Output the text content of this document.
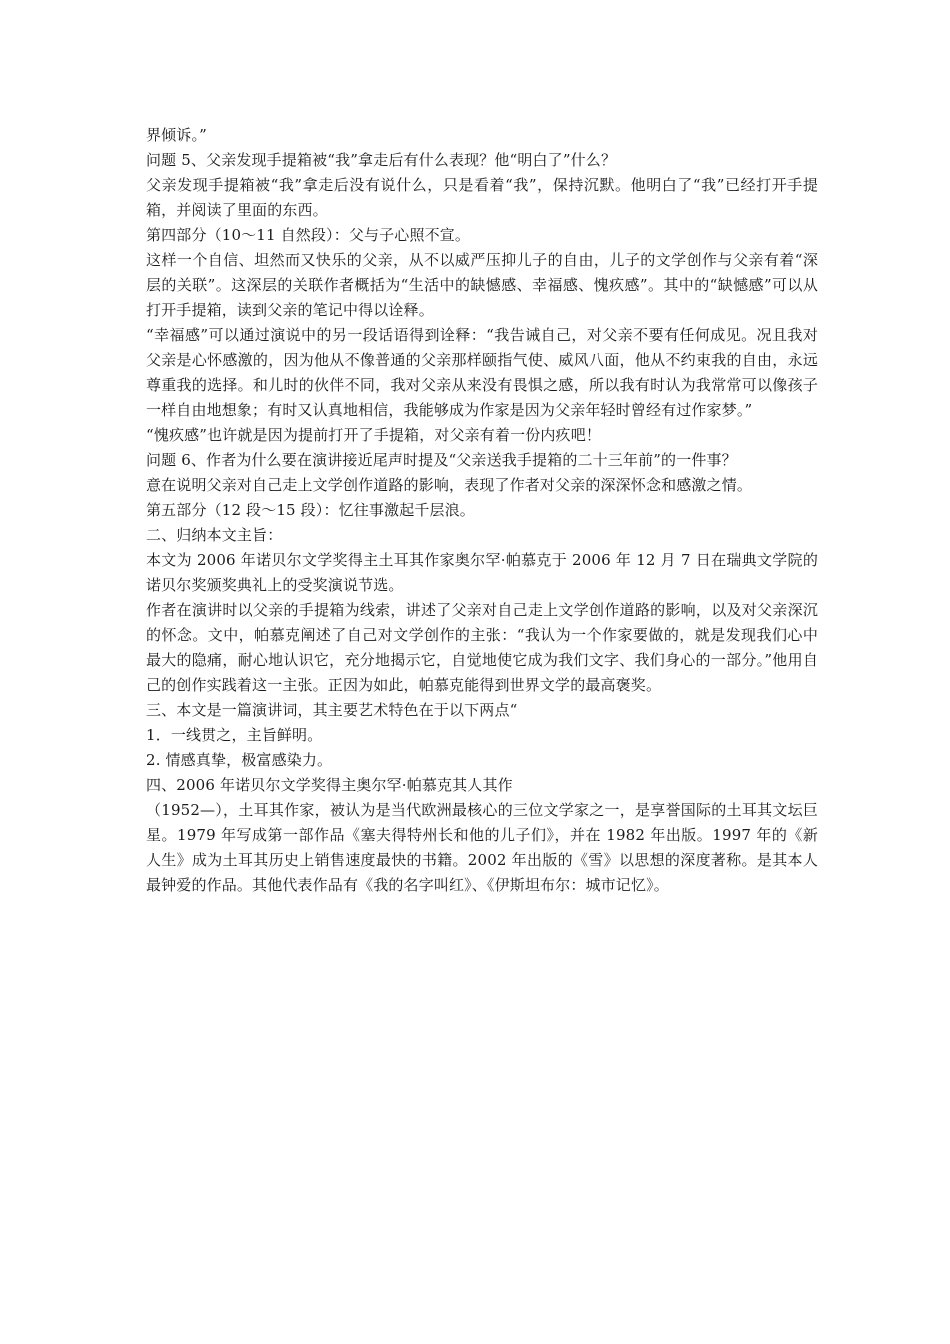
界倾诉。”

问题 5、父亲发现手提箱被“我”拿走后有什么表现？他“明白了”什么？

父亲发现手提箱被“我”拿走后没有说什么，只是看着“我”，保持沉默。他明白了“我”已经打开手提箱，并阅读了里面的东西。

第四部分（10～11 自然段）：父与子心照不宣。

这样一个自信、坦然而又快乐的父亲，从不以威严压抑儿子的自由，儿子的文学创作与父亲有着“深层的关联”。这深层的关联作者概括为“生活中的缺憾感、幸福感、愧疚感”。其中的“缺憾感”可以从打开手提箱，读到父亲的笔记中得以诠释。

“幸福感”可以通过演说中的另一段话语得到诠释：“我告诫自己，对父亲不要有任何成见。况且我对父亲是心怀感激的，因为他从不像普通的父亲那样颐指气使、威风八面，他从不约束我的自由，永远尊重我的选择。和儿时的伙伴不同，我对父亲从来没有畏惧之感，所以我有时认为我常常可以像孩子一样自由地想象；有时又认真地相信，我能够成为作家是因为父亲年轻时曾经有过作家梦。”

“愧疚感”也许就是因为提前打开了手提箱，对父亲有着一份内疚吧！

问题 6、作者为什么要在演讲接近尾声时提及“父亲送我手提箱的二十三年前”的一件事？

意在说明父亲对自己走上文学创作道路的影响，表现了作者对父亲的深深怀念和感激之情。

第五部分（12 段～15 段）：忆往事激起千层浪。

二、归纳本文主旨：

本文为 2006 年诺贝尔文学奖得主土耳其作家奥尔罕·帕慕克于 2006 年 12 月 7 日在瑞典文学院的诺贝尔奖颁奖典礼上的受奖演说节选。

作者在演讲时以父亲的手提箱为线索，讲述了父亲对自己走上文学创作道路的影响，以及对父亲深沉的怀念。文中，帕慕克阐述了自己对文学创作的主张：“我认为一个作家要做的，就是发现我们心中最大的隐痛，耐心地认识它，充分地揭示它，自觉地使它成为我们文字、我们身心的一部分。”他用自己的创作实践着这一主张。正因为如此，帕慕克能得到世界文学的最高褒奖。

三、本文是一篇演讲词，其主要艺术特色在于以下两点“

1．一线贯之，主旨鲜明。

2. 情感真挚，极富感染力。

四、2006 年诺贝尔文学奖得主奥尔罕·帕慕克其人其作

（1952—），土耳其作家，被认为是当代欧洲最核心的三位文学家之一，是享誉国际的土耳其文坛巨星。1979 年写成第一部作品《塞夫得特州长和他的儿子们》，并在 1982 年出版。1997 年的《新人生》成为土耳其历史上销售速度最快的书籍。2002 年出版的《雪》以思想的深度著称。是其本人最钟爱的作品。其他代表作品有《我的名字叫红》、《伊斯坦布尔：城市记忆》。
